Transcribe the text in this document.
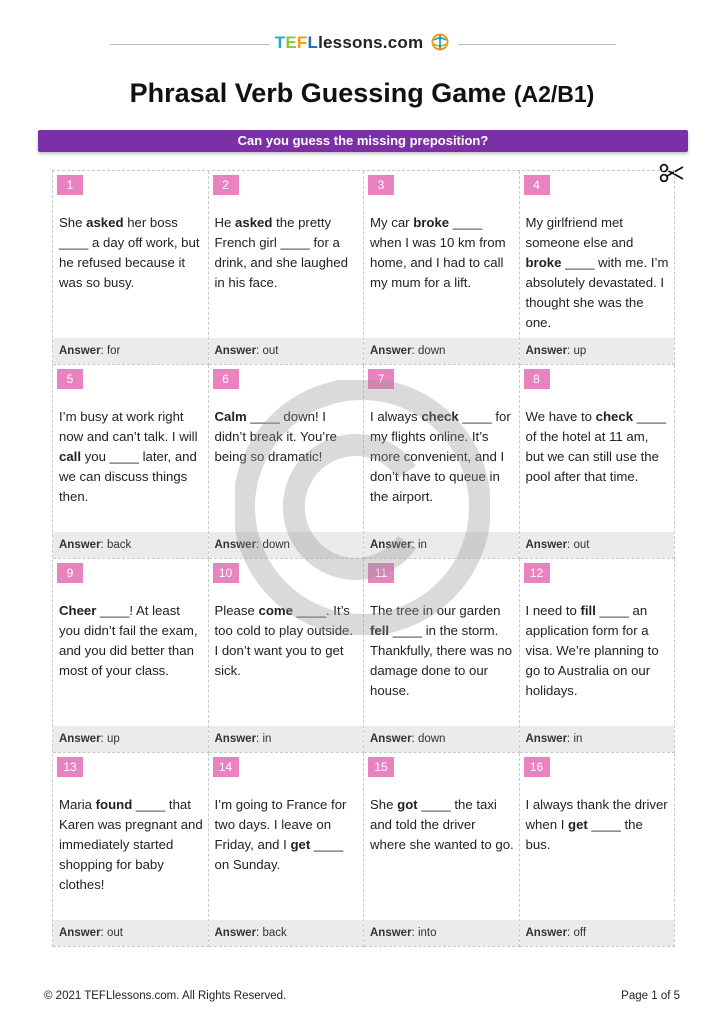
TEFLlessons.com
Phrasal Verb Guessing Game (A2/B1)
Can you guess the missing preposition?
1
She asked her boss ____ a day off work, but he refused because it was so busy.
Answer: for
2
He asked the pretty French girl ____ for a drink, and she laughed in his face.
Answer: out
3
My car broke ____ when I was 10 km from home, and I had to call my mum for a lift.
Answer: down
4
My girlfriend met someone else and broke ____ with me. I’m absolutely devastated. I thought she was the one.
Answer: up
5
I’m busy at work right now and can’t talk. I will call you ____ later, and we can discuss things then.
Answer: back
6
Calm ____ down! I didn’t break it. You’re being so dramatic!
Answer: down
7
I always check ____ for my flights online. It’s more convenient, and I don’t have to queue in the airport.
Answer: in
8
We have to check ____ of the hotel at 11 am, but we can still use the pool after that time.
Answer: out
9
Cheer ____! At least you didn’t fail the exam, and you did better than most of your class.
Answer: up
10
Please come ____. It’s too cold to play outside. I don’t want you to get sick.
Answer: in
11
The tree in our garden fell ____ in the storm. Thankfully, there was no damage done to our house.
Answer: down
12
I need to fill ____ an application form for a visa. We’re planning to go to Australia on our holidays.
Answer: in
13
Maria found ____ that Karen was pregnant and immediately started shopping for baby clothes!
Answer: out
14
I’m going to France for two days. I leave on Friday, and I get ____ on Sunday.
Answer: back
15
She got ____ the taxi and told the driver where she wanted to go.
Answer: into
16
I always thank the driver when I get ____ the bus.
Answer: off
© 2021 TEFLlessons.com. All Rights Reserved.	Page 1 of 5
